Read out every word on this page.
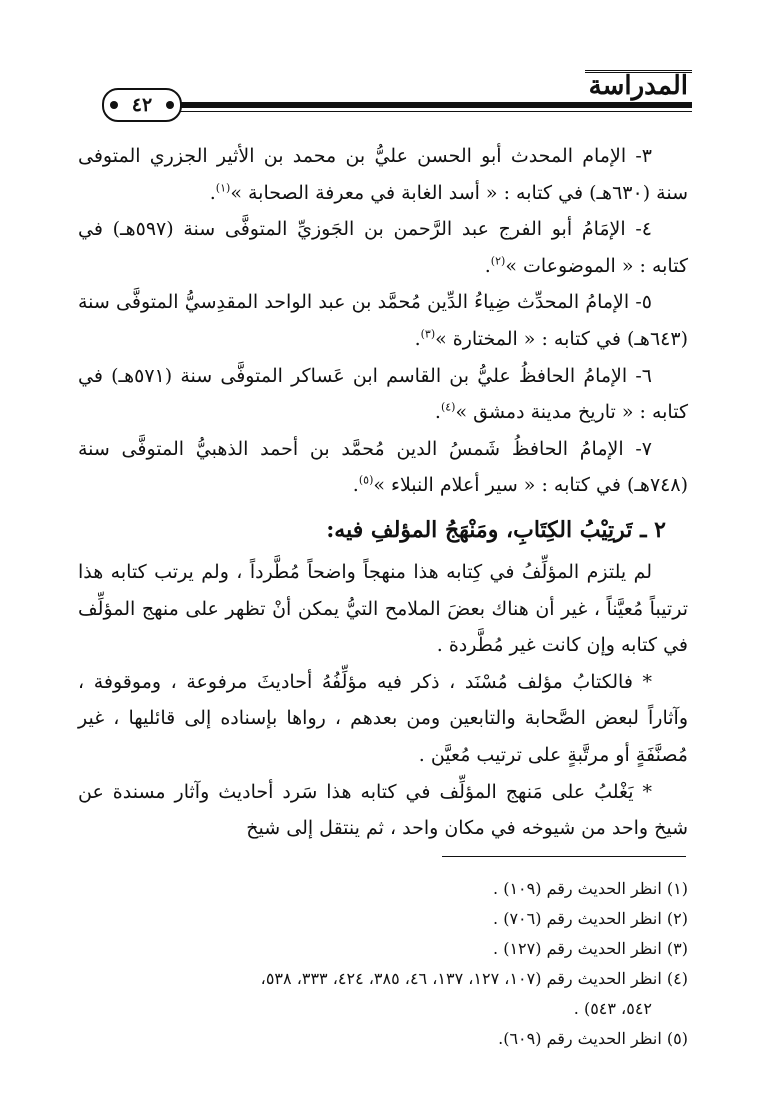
٤٢
المدراسة

٣- الإمام المحدث أبو الحسن عليُّ بن محمد بن الأثير الجزري المتوفى سنة (٦٣٠هـ) في كتابه : « أسد الغابة في معرفة الصحابة »$^{(١)}$.

٤- الإمَامُ أبو الفرج عبد الرَّحمن بن الجَوزيِّ المتوفَّى سنة (٥٩٧هـ) في كتابه : « الموضوعات »$^{(٢)}$.

٥- الإمامُ المحدِّث ضِياءُ الدِّين مُحمَّد بن عبد الواحد المقدِسيُّ المتوفَّى سنة (٦٤٣هـ) في كتابه : « المختارة »$^{(٣)}$.

٦- الإمامُ الحافظُ عليُّ بن القاسم ابن عَساكر المتوفَّى سنة (٥٧١هـ) في كتابه : « تاريخ مدينة دمشق »$^{(٤)}$.

٧- الإمامُ الحافظُ شَمسُ الدين مُحمَّد بن أحمد الذهبيُّ المتوفَّى سنة (٧٤٨هـ) في كتابه : « سير أعلام النبلاء »$^{(٥)}$.

٢ ـ تَرتِيْبُ الكِتَابِ، ومَنْهَجُ المؤلفِ فيه:

لم يلتزم المؤلِّفُ في كِتابه هذا منهجاً واضحاً مُطَّرداً ، ولم يرتب كتابه هذا ترتيباً مُعيَّناً ، غير أن هناك بعضَ الملامح التيُّ يمكن أنْ تظهر على منهج المؤلِّف في كتابه وإن كانت غير مُطَّردة .

* فالكتابُ مؤلف مُسْنَد ، ذكر فيه مؤلِّفُهُ أحاديثَ مرفوعة ، وموقوفة ، وآثاراً لبعض الصَّحابة والتابعين ومن بعدهم ، رواها بإسناده إلى قائليها ، غير مُصنَّفَةٍ أو مرتَّبةٍ على ترتيب مُعيَّن .

* يَغْلبُ على مَنهج المؤلِّف في كتابه هذا سَرد أحاديث وآثار مسندة عن شيخ واحد من شيوخه في مكان واحد ، ثم ينتقل إلى شيخ

(١) انظر الحديث رقم (١٠٩) .
(٢) انظر الحديث رقم (٧٠٦) .
(٣) انظر الحديث رقم (١٢٧) .
(٤) انظر الحديث رقم (١٠٧، ١٢٧، ١٣٧، ٤٦، ٣٨٥، ٤٢٤، ٣٣٣، ٥٣٨،
٥٤٢، ٥٤٣) .
(٥) انظر الحديث رقم (٦٠٩).
